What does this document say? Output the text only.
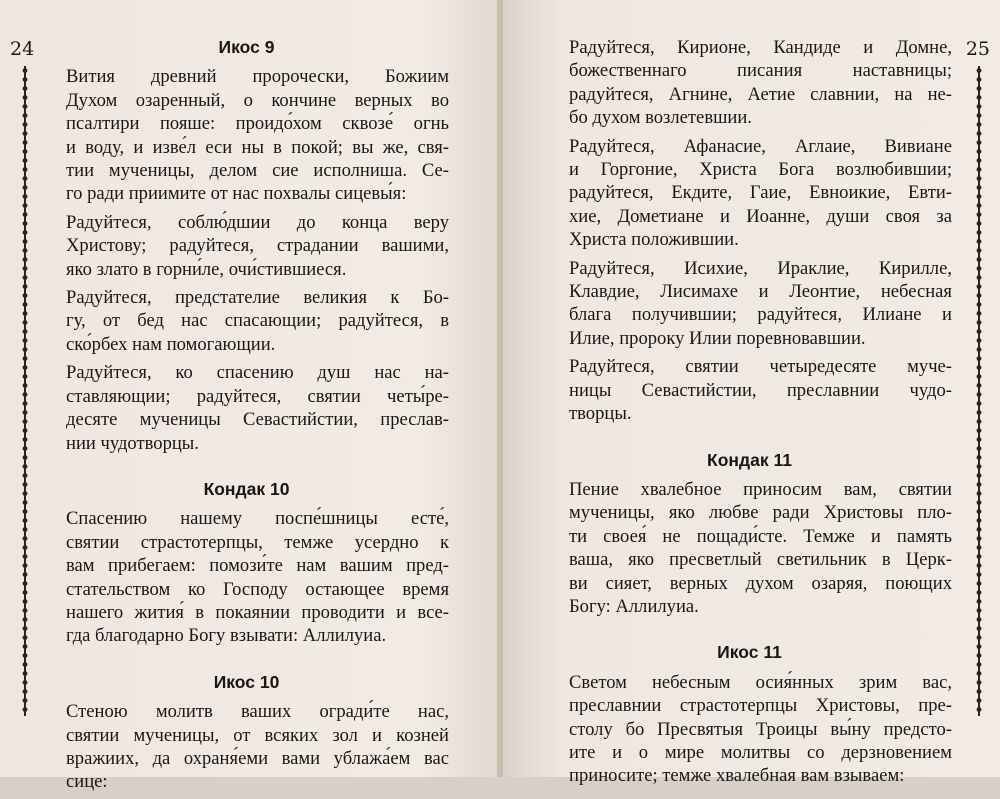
24	Икос 9

Вития древний пророчески, Божиим
Духом озаренный, о кончине верных во
псалтири пояше: проидо́хом сквозе́ огнь
и воду, и изве́л еси ны в покой; вы же, свя-
тии мученицы, делом сие исполниша. Се-
го ради приимите от нас похвалы сицевы́я:

Радуйтеся, соблю́дшии до конца веру
Христову; радуйтеся, страдании вашими,
яко злато в горни́ле, очи́стившиеся.

Радуйтеся, предстателие великия к Бо-
гу, от бед нас спасающии; радуйтеся, в
ско́рбех нам помогающии.

Радуйтеся, ко спасению душ нас на-
ставляющии; радуйтеся, святии четы́ре-
десяте мученицы Севастийстии, преслав-
нии чудотворцы.

Кондак 10

Спасению нашему поспе́шницы есте́,
святии страстотерпцы, темже усердно к
вам прибегаем: помози́те нам вашим пред-
стательством ко Господу остающее время
нашего жития́ в покаянии проводити и все-
гда благодарно Богу взывати: Аллилуиа.

Икос 10

Стеною молитв ваших огради́те нас,
святии мученицы, от всяких зол и козней
вражиих, да охраня́еми вами ублажа́ем вас
сице:

25

Радуйтеся, Кирионе, Кандиде и Домне,
божественнаго писания наставницы;
радуйтеся, Агнине, Аетие славнии, на не-
бо духом возлетевшии.

Радуйтеся, Афанасие, Аглаие, Вивиане
и Горгоние, Христа Бога возлюбившии;
радуйтеся, Екдите, Гаие, Евноикие, Евти-
хие, Дометиане и Иоанне, души своя за
Христа положившии.

Радуйтеся, Исихие, Ираклие, Кирилле,
Клавдие, Лисимахе и Леонтие, небесная
блага получившии; радуйтеся, Илиане и
Илие, пророку Илии поревновавшии.

Радуйтеся, святии четыредесяте муче-
ницы Севастийстии, преславнии чудо-
творцы.

Кондак 11

Пение хвалебное приносим вам, святии
мученицы, яко любве ради Христовы пло-
ти своея́ не пощади́сте. Темже и память
ваша, яко пресветлый светильник в Церк-
ви сияет, верных духом озаряя, поющих
Богу: Аллилуиа.

Икос 11

Светом небесным осия́нных зрим вас,
преславнии страстотерпцы Христовы, пре-
столу бо Пресвятыя Троицы вы́ну предсто-
ите и о мире молитвы со дерзновением
приносите; темже хвалебная вам взываем:
